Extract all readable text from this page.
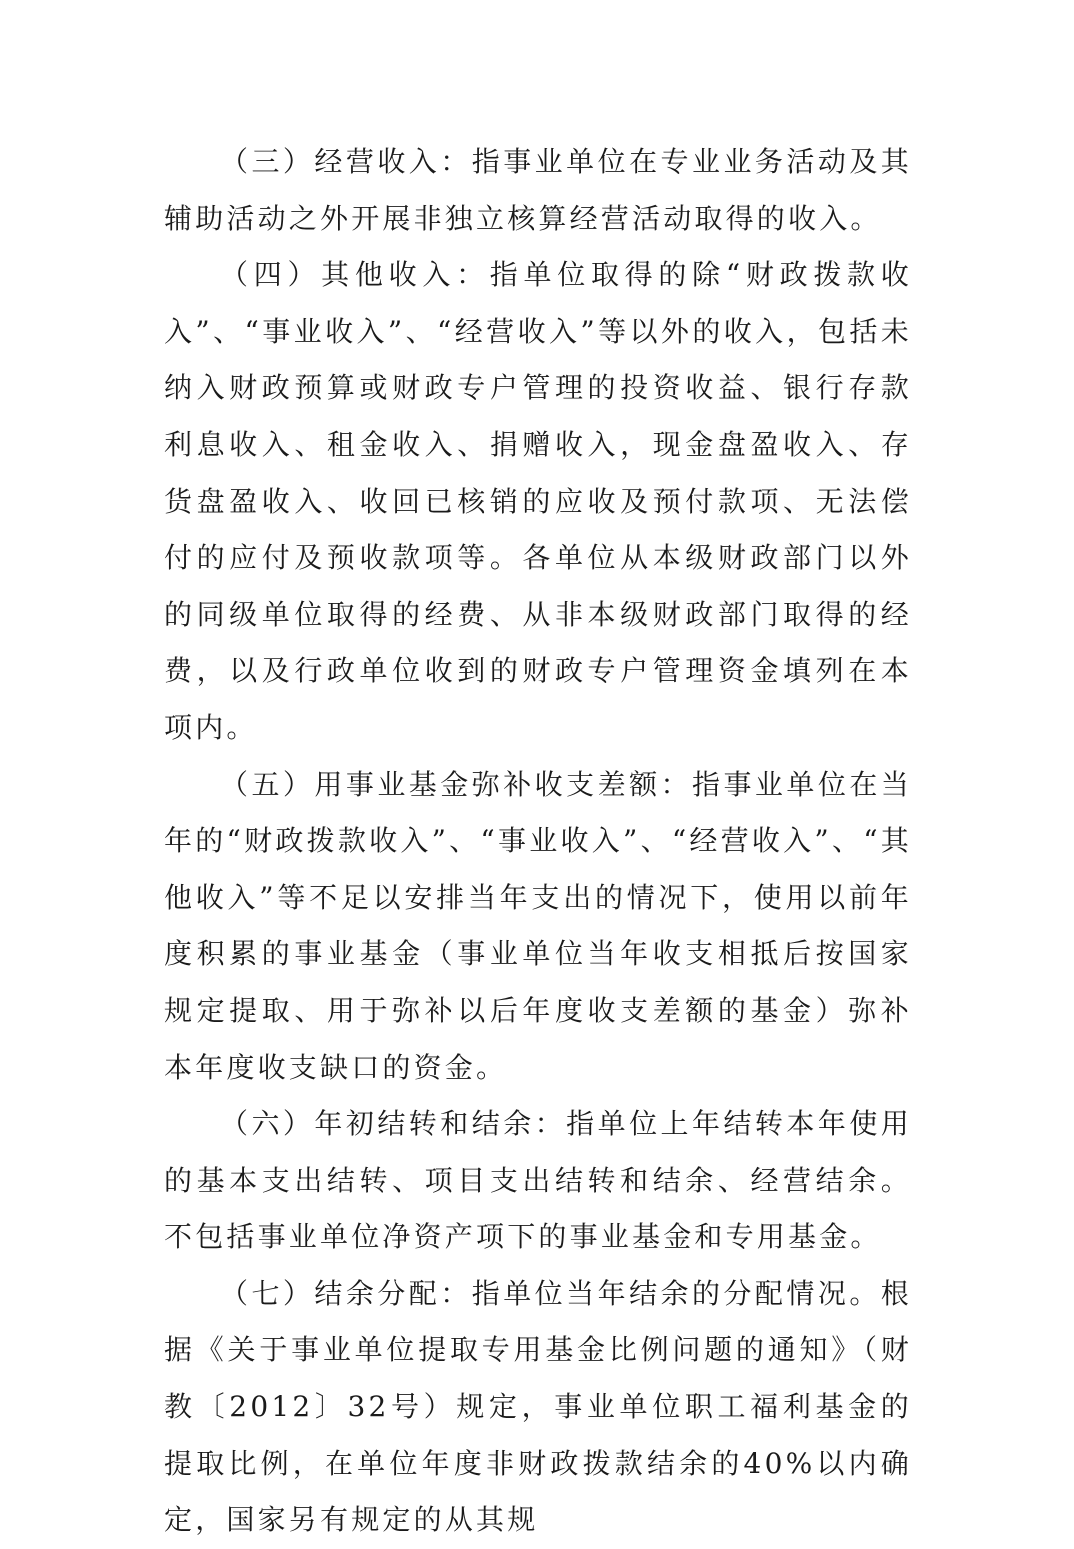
（三）经营收入：指事业单位在专业业务活动及其辅助活动之外开展非独立核算经营活动取得的收入。

（四）其他收入：指单位取得的除“财政拨款收入”、“事业收入”、“经营收入”等以外的收入，包括未纳入财政预算或财政专户管理的投资收益、银行存款利息收入、租金收入、捐赠收入，现金盘盈收入、存货盘盈收入、收回已核销的应收及预付款项、无法偿付的应付及预收款项等。各单位从本级财政部门以外的同级单位取得的经费、从非本级财政部门取得的经费，以及行政单位收到的财政专户管理资金填列在本项内。

（五）用事业基金弥补收支差额：指事业单位在当年的“财政拨款收入”、“事业收入”、“经营收入”、“其他收入”等不足以安排当年支出的情况下，使用以前年度积累的事业基金（事业单位当年收支相抵后按国家规定提取、用于弥补以后年度收支差额的基金）弥补本年度收支缺口的资金。

（六）年初结转和结余：指单位上年结转本年使用的基本支出结转、项目支出结转和结余、经营结余。不包括事业单位净资产项下的事业基金和专用基金。

（七）结余分配：指单位当年结余的分配情况。根据《关于事业单位提取专用基金比例问题的通知》（财教〔2012〕32号）规定，事业单位职工福利基金的提取比例，在单位年度非财政拨款结余的40%以内确定，国家另有规定的从其规
